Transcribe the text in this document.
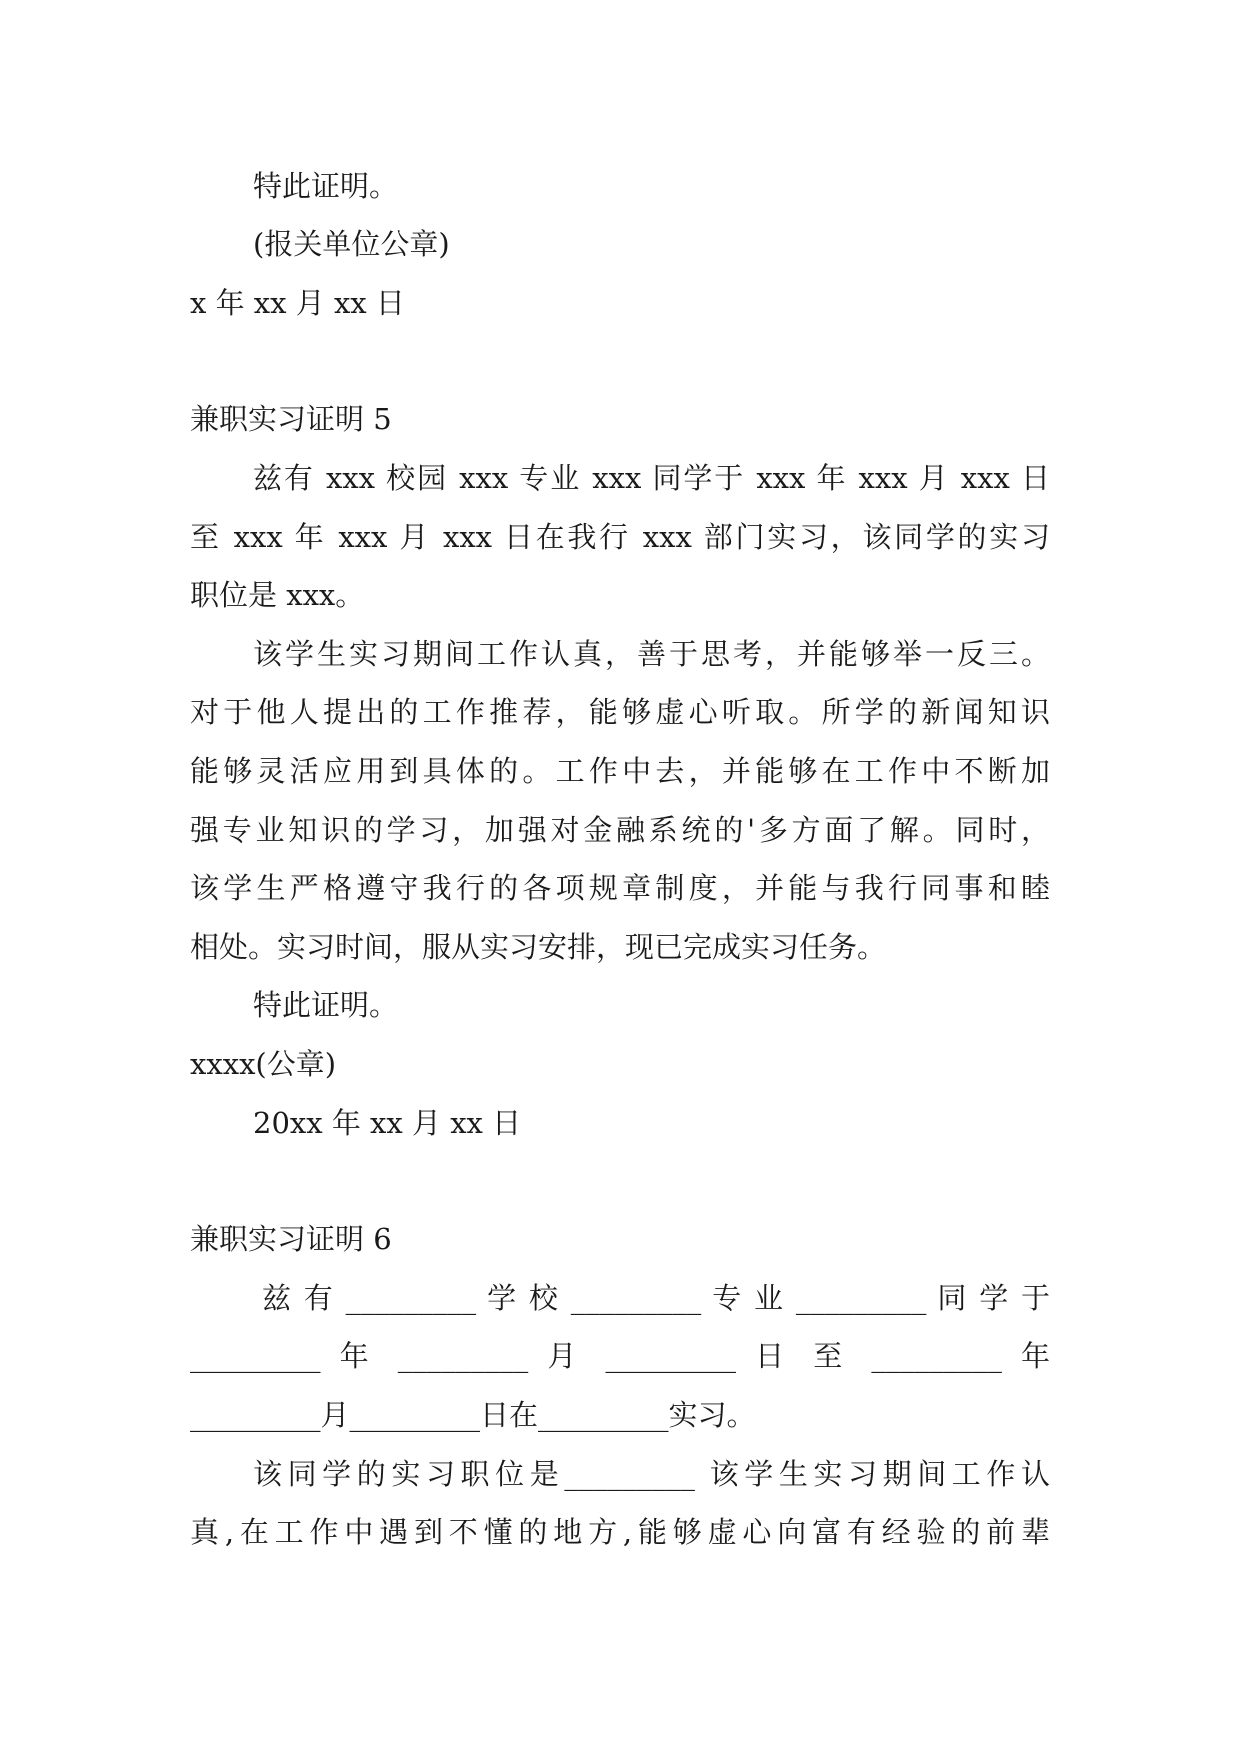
特此证明。
(报关单位公章)
x 年 xx 月 xx 日
兼职实习证明 5
兹有 xxx 校园 xxx 专业 xxx 同学于 xxx 年 xxx 月 xxx 日
至 xxx 年 xxx 月 xxx 日在我行 xxx 部门实习，该同学的实习
职位是 xxx。
该学生实习期间工作认真，善于思考，并能够举一反三。
对于他人提出的工作推荐，能够虚心听取。所学的新闻知识
能够灵活应用到具体的。工作中去，并能够在工作中不断加
强专业知识的学习，加强对金融系统的'多方面了解。同时，
该学生严格遵守我行的各项规章制度，并能与我行同事和睦
相处。实习时间，服从实习安排，现已完成实习任务。
特此证明。
xxxx(公章)
20xx 年 xx 月 xx 日
兼职实习证明 6
兹 有 _________ 学 校 _________ 专 业 _________ 同 学 于
_________ 年 _________ 月 _________ 日 至 _________ 年
_________月_________日在_________实习。
该同学的实习职位是_________ 该学生实习期间工作认
真,在工作中遇到不懂的地方,能够虚心向富有经验的前辈
